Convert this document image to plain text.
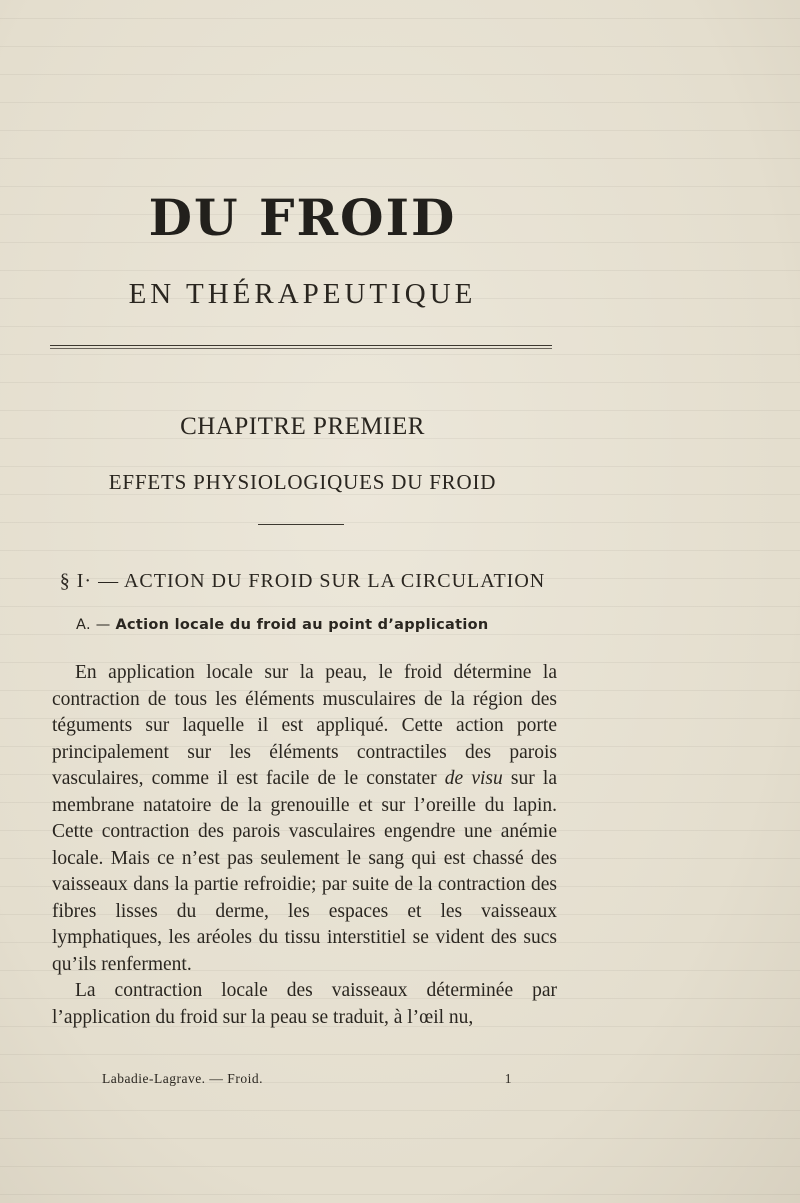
DU FROID
EN THÉRAPEUTIQUE
CHAPITRE PREMIER
EFFETS PHYSIOLOGIQUES DU FROID
§ I· — ACTION DU FROID SUR LA CIRCULATION
A. — Action locale du froid au point d’application

En application locale sur la peau, le froid détermine la contraction de tous les éléments musculaires de la région des téguments sur laquelle il est appliqué. Cette action porte principalement sur les éléments contractiles des parois vasculaires, comme il est facile de le constater de visu sur la membrane natatoire de la grenouille et sur l’oreille du lapin. Cette contraction des parois vasculaires engendre une anémie locale. Mais ce n’est pas seulement le sang qui est chassé des vaisseaux dans la partie refroidie; par suite de la contraction des fibres lisses du derme, les espaces et les vaisseaux lymphatiques, les aréoles du tissu interstitiel se vident des sucs qu’ils renferment.

La contraction locale des vaisseaux déterminée par l’application du froid sur la peau se traduit, à l’œil nu,

Labadie-Lagrave. — Froid.	1
